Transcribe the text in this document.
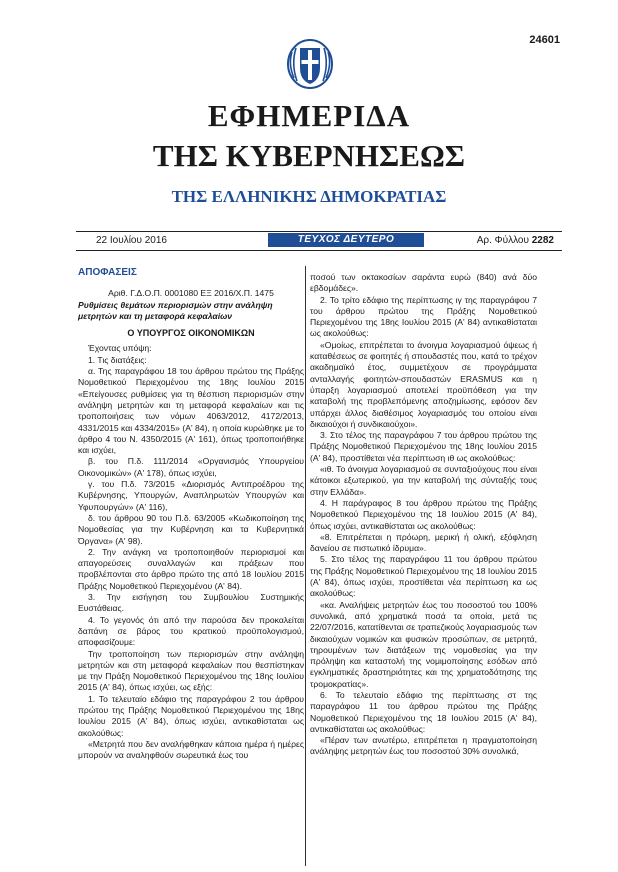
24601
ΕΦΗΜΕΡΙΔΑ
ΤΗΣ ΚΥΒΕΡΝΗΣΕΩΣ
ΤΗΣ ΕΛΛΗΝΙΚΗΣ ΔΗΜΟΚΡΑΤΙΑΣ
22 Ιουλίου 2016	ΤΕΥΧΟΣ ΔΕΥΤΕΡΟ	Αρ. Φύλλου 2282

ΑΠΟΦΑΣΕΙΣ

Αριθ. Γ.Δ.Ο.Π. 0001080 ΕΞ 2016/Χ.Π. 1475

Ρυθμίσεις θεμάτων περιορισμών στην ανάληψη μετρητών και τη μεταφορά κεφαλαίων

Ο ΥΠΟΥΡΓΟΣ ΟΙΚΟΝΟΜΙΚΩΝ

Έχοντας υπόψη:

1. Τις διατάξεις:

α. Της παραγράφου 18 του άρθρου πρώτου της Πράξης Νομοθετικού Περιεχομένου της 18ης Ιουλίου 2015 «Επείγουσες ρυθμίσεις για τη θέσπιση περιορισμών στην ανάληψη μετρητών και τη μεταφορά κεφαλαίων και τις τροποποιήσεις των νόμων 4063/2012, 4172/2013, 4331/2015 και 4334/2015» (Α' 84), η οποία κυρώθηκε με το άρθρο 4 του Ν. 4350/2015 (Α' 161), όπως τροποποιήθηκε και ισχύει,

β. του Π.δ. 111/2014 «Οργανισμός Υπουργείου Οικονομικών» (Α' 178), όπως ισχύει,

γ. του Π.δ. 73/2015 «Διορισμός Αντιπροέδρου της Κυβέρνησης, Υπουργών, Αναπληρωτών Υπουργών και Υφυπουργών» (Α' 116),

δ. του άρθρου 90 του Π.δ. 63/2005 «Κωδικοποίηση της Νομοθεσίας για την Κυβέρνηση και τα Κυβερνητικά Όργανα» (Α' 98).

2. Την ανάγκη να τροποποιηθούν περιορισμοί και απαγορεύσεις συναλλαγών και πράξεων που προβλέπονται στο άρθρο πρώτο της από 18 Ιουλίου 2015 Πράξης Νομοθετικού Περιεχομένου (Α' 84).

3. Την εισήγηση του Συμβουλίου Συστημικής Ευστάθειας.

4. Το γεγονός ότι από την παρούσα δεν προκαλείται δαπάνη σε βάρος του κρατικού προϋπολογισμού, αποφασίζουμε:

Την τροποποίηση των περιορισμών στην ανάληψη μετρητών και στη μεταφορά κεφαλαίων που θεσπίστηκαν με την Πράξη Νομοθετικού Περιεχομένου της 18ης Ιουλίου 2015 (Α' 84), όπως ισχύει, ως εξής:

1. Το τελευταίο εδάφιο της παραγράφου 2 του άρθρου πρώτου της Πράξης Νομοθετικού Περιεχομένου της 18ης Ιουλίου 2015 (Α' 84), όπως ισχύει, αντικαθίσταται ως ακολούθως:

«Μετρητά που δεν αναλήφθηκαν κάποια ημέρα ή ημέρες μπορούν να αναληφθούν σωρευτικά έως του

ποσού των οκτακοσίων σαράντα ευρώ (840) ανά δύο εβδομάδες».

2. Το τρίτο εδάφιο της περίπτωσης ιγ της παραγράφου 7 του άρθρου πρώτου της Πράξης Νομοθετικού Περιεχομένου της 18ης Ιουλίου 2015 (Α' 84) αντικαθίσταται ως ακολούθως:

«Ομοίως, επιτρέπεται το άνοιγμα λογαριασμού όψεως ή καταθέσεως σε φοιτητές ή σπουδαστές που, κατά το τρέχον ακαδημαϊκό έτος, συμμετέχουν σε προγράμματα ανταλλαγής φοιτητών-σπουδαστών ERASMUS και η ύπαρξη λογαριασμού αποτελεί προϋπόθεση για την καταβολή της προβλεπόμενης αποζημίωσης, εφόσον δεν υπάρχει άλλος διαθέσιμος λογαριασμός του οποίου είναι δικαιούχοι ή συνδικαιούχοι».

3. Στο τέλος της παραγράφου 7 του άρθρου πρώτου της Πράξης Νομοθετικού Περιεχομένου της 18ης Ιουλίου 2015 (Α' 84), προστίθεται νέα περίπτωση ιθ ως ακολούθως:

«ιθ. Το άνοιγμα λογαριασμού σε συνταξιούχους που είναι κάτοικοι εξωτερικού, για την καταβολή της σύνταξής τους στην Ελλάδα».

4. Η παράγραφος 8 του άρθρου πρώτου της Πράξης Νομοθετικού Περιεχομένου της 18 Ιουλίου 2015 (Α' 84), όπως ισχύει, αντικαθίσταται ως ακολούθως:

«8. Επιτρέπεται η πρόωρη, μερική ή ολική, εξόφληση δανείου σε πιστωτικό ίδρυμα».

5. Στο τέλος της παραγράφου 11 του άρθρου πρώτου της Πράξης Νομοθετικού Περιεχομένου της 18 Ιουλίου 2015 (Α' 84), όπως ισχύει, προστίθεται νέα περίπτωση κα ως ακολούθως:

«κα. Αναλήψεις μετρητών έως του ποσοστού του 100% συνολικά, από χρηματικά ποσά τα οποία, μετά τις 22/07/2016, κατατίθενται σε τραπεζικούς λογαριασμούς των δικαιούχων νομικών και φυσικών προσώπων, σε μετρητά, τηρουμένων των διατάξεων της νομοθεσίας για την πρόληψη και καταστολή της νομιμοποίησης εσόδων από εγκληματικές δραστηριότητες και της χρηματοδότησης της τρομοκρατίας».

6. Το τελευταίο εδάφιο της περίπτωσης στ της παραγράφου 11 του άρθρου πρώτου της Πράξης Νομοθετικού Περιεχομένου της 18 Ιουλίου 2015 (Α' 84), αντικαθίσταται ως ακολούθως:

«Πέραν των ανωτέρω, επιτρέπεται η πραγματοποίηση ανάληψης μετρητών έως του ποσοστού 30% συνολικά,
